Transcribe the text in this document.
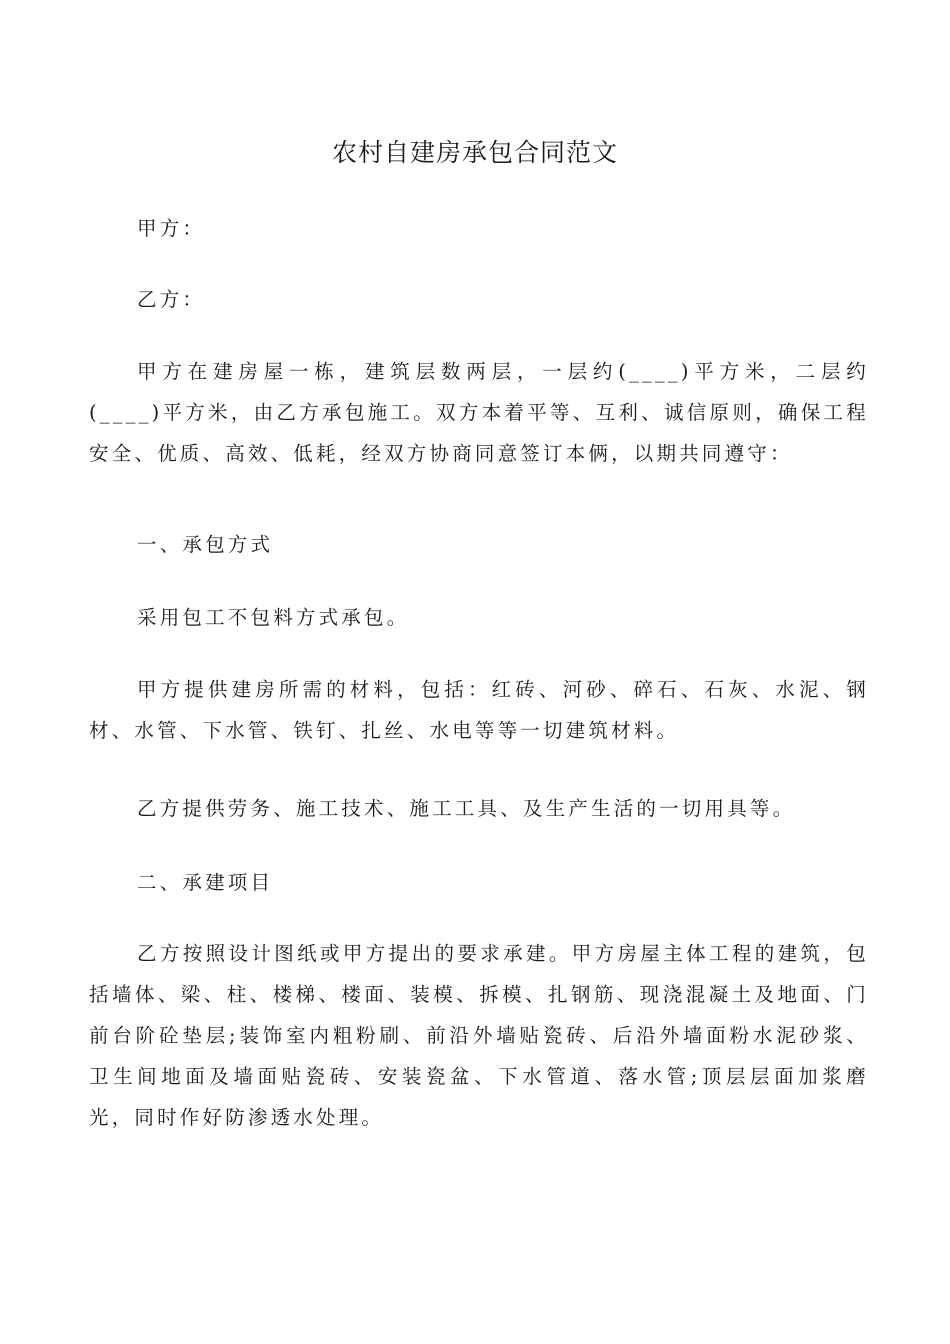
农村自建房承包合同范文

甲方：

乙方：

甲方在建房屋一栋，建筑层数两层，一层约(____)平方米，二层约(____)平方米，由乙方承包施工。双方本着平等、互利、诚信原则，确保工程安全、优质、高效、低耗，经双方协商同意签订本俩，以期共同遵守：

一、承包方式

采用包工不包料方式承包。

甲方提供建房所需的材料，包括：红砖、河砂、碎石、石灰、水泥、钢材、水管、下水管、铁钉、扎丝、水电等等一切建筑材料。

乙方提供劳务、施工技术、施工工具、及生产生活的一切用具等。

二、承建项目

乙方按照设计图纸或甲方提出的要求承建。甲方房屋主体工程的建筑，包括墙体、梁、柱、楼梯、楼面、装模、拆模、扎钢筋、现浇混凝土及地面、门前台阶砼垫层;装饰室内粗粉刷、前沿外墙贴瓷砖、后沿外墙面粉水泥砂浆、卫生间地面及墙面贴瓷砖、安装瓷盆、下水管道、落水管;顶层层面加浆磨光，同时作好防渗透水处理。
